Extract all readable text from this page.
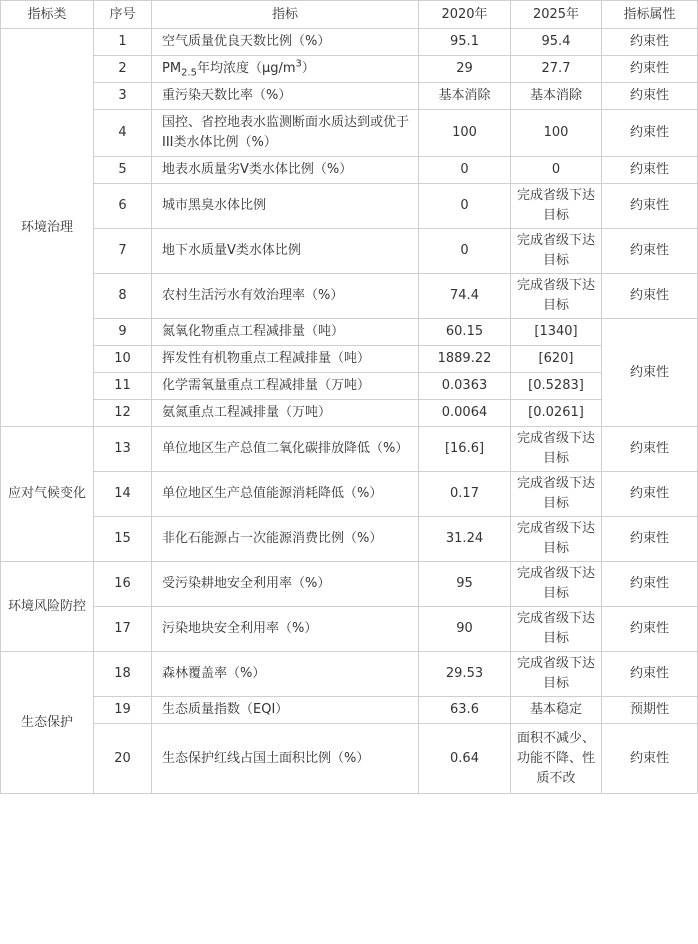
指标类	序号	指标	2020年	2025年	指标属性
环境治理	1	空气质量优良天数比例（%）	95.1	95.4	约束性
	2	$PM_{2.5}$年均浓度$(\mu g/m^3)$	29	27.7	约束性
	3	重污染天数比率（%）	基本消除	基本消除	约束性
	4	国控、省控地表水监测断面水质达到或优于III类水体比例（%）	100	100	约束性
	5	地表水质量劣V类水体比例（%）	0	0	约束性
	6	城市黑臭水体比例	0	完成省级下达目标	约束性
	7	地下水质量V类水体比例	0	完成省级下达目标	约束性
	8	农村生活污水有效治理率（%）	74.4	完成省级下达目标	约束性
	9	氮氧化物重点工程减排量（吨）	60.15	[1340]	约束性
	10	挥发性有机物重点工程减排量（吨）	1889.22	[620]	
	11	化学需氧量重点工程减排量（万吨）	0.0363	[0.5283]	
	12	氨氮重点工程减排量（万吨）	0.0064	[0.0261]	
应对气候变化	13	单位地区生产总值二氧化碳排放降低（%）	[16.6]	完成省级下达目标	约束性
	14	单位地区生产总值能源消耗降低（%）	0.17	完成省级下达目标	约束性
	15	非化石能源占一次能源消费比例（%）	31.24	完成省级下达目标	约束性
环境风险防控	16	受污染耕地安全利用率（%）	95	完成省级下达目标	约束性
	17	污染地块安全利用率（%）	90	完成省级下达目标	约束性
生态保护	18	森林覆盖率（%）	29.53	完成省级下达目标	约束性
	19	生态质量指数（EQI）	63.6	基本稳定	预期性
	20	生态保护红线占国土面积比例（%）	0.64	面积不减少、功能不降、性质不改	约束性
